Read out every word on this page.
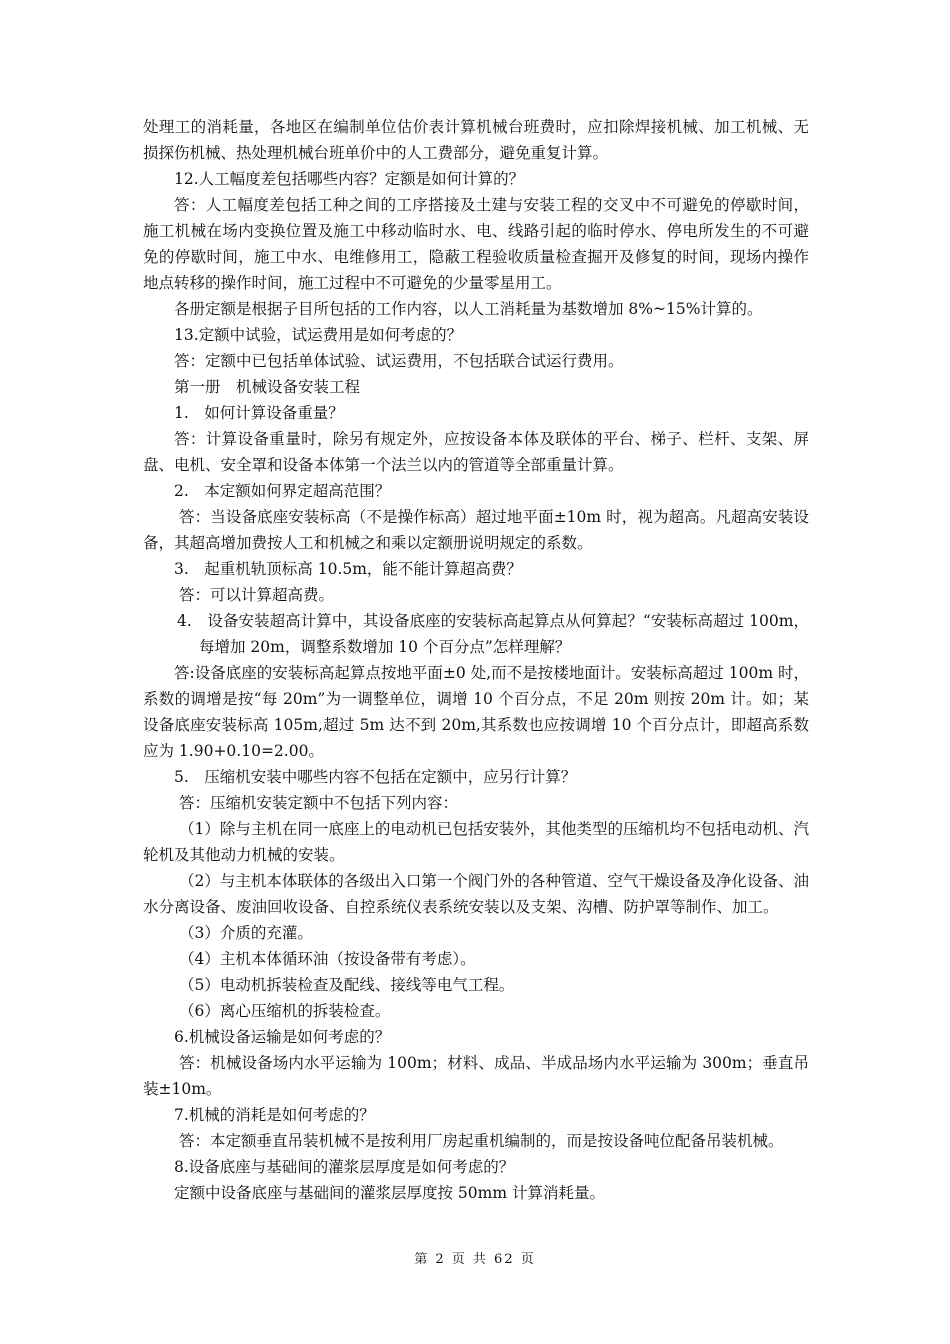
处理工的消耗量，各地区在编制单位估价表计算机械台班费时，应扣除焊接机械、加工机械、无损探伤机械、热处理机械台班单价中的人工费部分，避免重复计算。

12.人工幅度差包括哪些内容？定额是如何计算的？

答：人工幅度差包括工种之间的工序搭接及土建与安装工程的交叉中不可避免的停歇时间，施工机械在场内变换位置及施工中移动临时水、电、线路引起的临时停水、停电所发生的不可避免的停歇时间，施工中水、电维修用工，隐蔽工程验收质量检查掘开及修复的时间，现场内操作地点转移的操作时间，施工过程中不可避免的少量零星用工。

各册定额是根据子目所包括的工作内容，以人工消耗量为基数增加 8%~15%计算的。

13.定额中试验，试运费用是如何考虑的？

答：定额中已包括单体试验、试运费用，不包括联合试运行费用。

第一册　机械设备安装工程

1.　如何计算设备重量？

答：计算设备重量时，除另有规定外，应按设备本体及联体的平台、梯子、栏杆、支架、屏盘、电机、安全罩和设备本体第一个法兰以内的管道等全部重量计算。

2.　本定额如何界定超高范围？

答：当设备底座安装标高（不是操作标高）超过地平面±10m 时，视为超高。凡超高安装设备，其超高增加费按人工和机械之和乘以定额册说明规定的系数。

3.　起重机轨顶标高 10.5m，能不能计算超高费？

答：可以计算超高费。

4.　设备安装超高计算中，其设备底座的安装标高起算点从何算起？“安装标高超过 100m，每增加 20m，调整系数增加 10 个百分点”怎样理解？

答:设备底座的安装标高起算点按地平面±0 处,而不是按楼地面计。安装标高超过 100m 时，系数的调增是按“每 20m”为一调整单位，调增 10 个百分点，不足 20m 则按 20m 计。如；某设备底座安装标高 105m,超过 5m 达不到 20m,其系数也应按调增 10 个百分点计，即超高系数应为 1.90+0.10=2.00。

5.　压缩机安装中哪些内容不包括在定额中，应另行计算？

答：压缩机安装定额中不包括下列内容：

（1）除与主机在同一底座上的电动机已包括安装外，其他类型的压缩机均不包括电动机、汽轮机及其他动力机械的安装。

（2）与主机本体联体的各级出入口第一个阀门外的各种管道、空气干燥设备及净化设备、油水分离设备、废油回收设备、自控系统仪表系统安装以及支架、沟槽、防护罩等制作、加工。

（3）介质的充灌。

（4）主机本体循环油（按设备带有考虑）。

（5）电动机拆装检查及配线、接线等电气工程。

（6）离心压缩机的拆装检查。

6.机械设备运输是如何考虑的？

答：机械设备场内水平运输为 100m；材料、成品、半成品场内水平运输为 300m；垂直吊装±10m。

7.机械的消耗是如何考虑的？

答：本定额垂直吊装机械不是按利用厂房起重机编制的，而是按设备吨位配备吊装机械。

8.设备底座与基础间的灌浆层厚度是如何考虑的？

定额中设备底座与基础间的灌浆层厚度按 50mm 计算消耗量。

第 2 页 共 62 页
